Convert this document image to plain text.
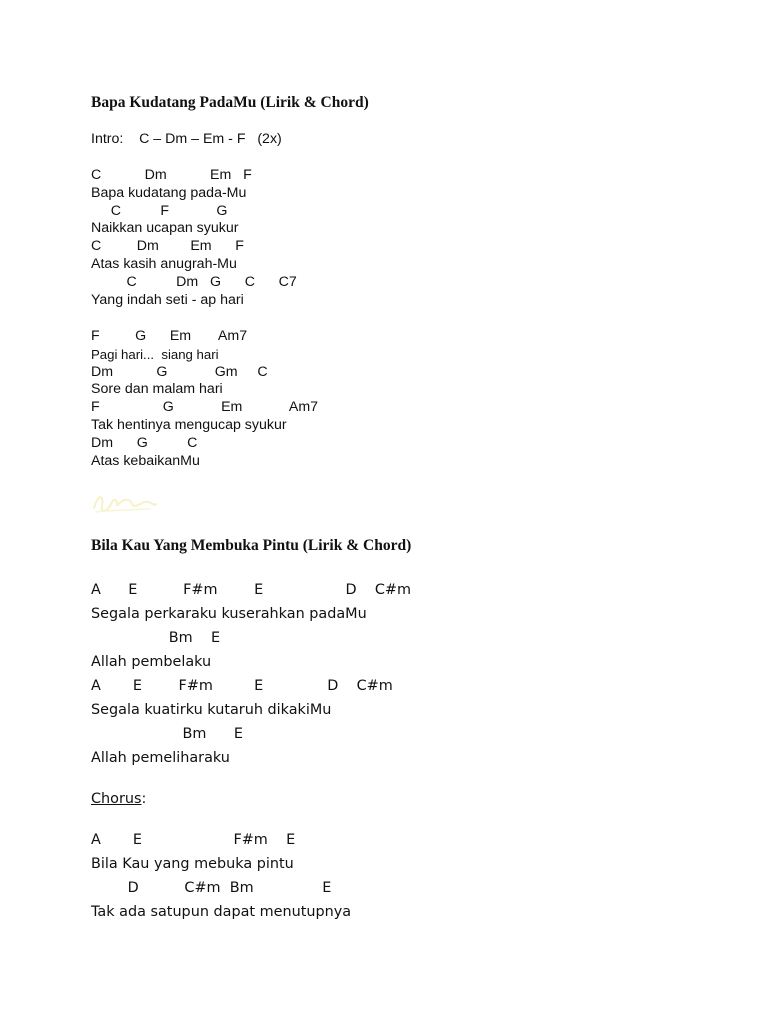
Bapa Kudatang PadaMu (Lirik & Chord)
Intro:    C – Dm – Em - F   (2x)
C           Dm           Em   F
Bapa kudatang pada-Mu
C          F            G
Naikkan ucapan syukur
C         Dm        Em      F
Atas kasih anugrah-Mu
C          Dm   G      C      C7
Yang indah seti - ap hari
F         G      Em       Am7
Pagi hari...  siang hari
Dm           G            Gm     C
Sore dan malam hari
F                G            Em            Am7
Tak hentinya mengucap syukur
Dm      G          C
Atas kebaikanMu
Bila Kau Yang Membuka Pintu (Lirik & Chord)
A      E          F#m        E                  D    C#m
Segala perkaraku kuserahkan padaMu
Bm    E
Allah pembelaku
A       E        F#m         E              D    C#m
Segala kuatirku kutaruh dikakiMu
Bm      E
Allah pemeliharaku
Chorus:
A       E                    F#m    E
Bila Kau yang mebuka pintu
D          C#m  Bm               E
Tak ada satupun dapat menutupnya
